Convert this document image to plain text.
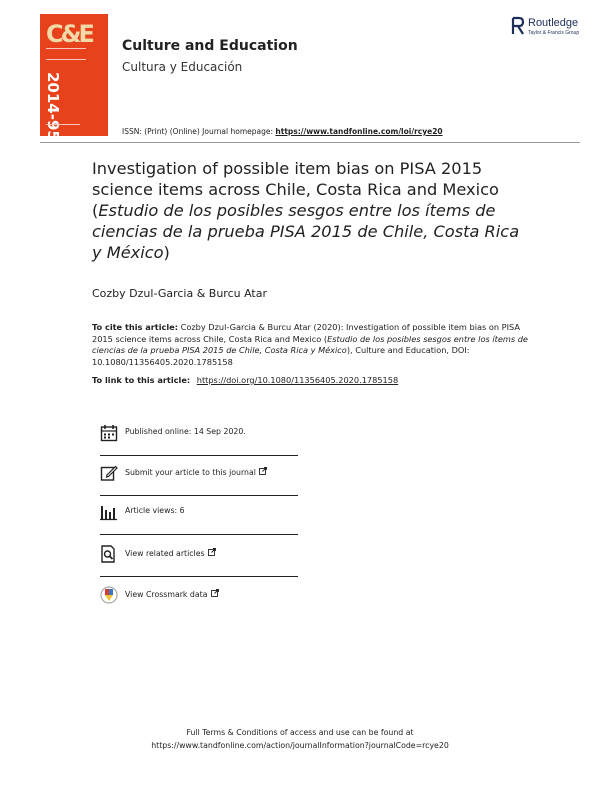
C&E
2014-9541
Culture and Education
Cultura y Educación
Routledge
Taylor & Francis Group
ISSN: (Print) (Online) Journal homepage: https://www.tandfonline.com/loi/rcye20
Investigation of possible item bias on PISA 2015
science items across Chile, Costa Rica and Mexico
(Estudio de los posibles sesgos entre los ítems de ciencias de la prueba PISA 2015 de Chile, Costa Rica y México)
Cozby Dzul-Garcia & Burcu Atar
To cite this article: Cozby Dzul-Garcia & Burcu Atar (2020): Investigation of possible item bias on PISA 2015 science items across Chile, Costa Rica and Mexico (Estudio de los posibles sesgos entre los ítems de ciencias de la prueba PISA 2015 de Chile, Costa Rica y México), Culture and Education, DOI: 10.1080/11356405.2020.1785158
To link to this article: https://doi.org/10.1080/11356405.2020.1785158
Published online: 14 Sep 2020.
Submit your article to this journal
Article views: 6
View related articles
View Crossmark data
Full Terms & Conditions of access and use can be found at
https://www.tandfonline.com/action/journalInformation?journalCode=rcye20
